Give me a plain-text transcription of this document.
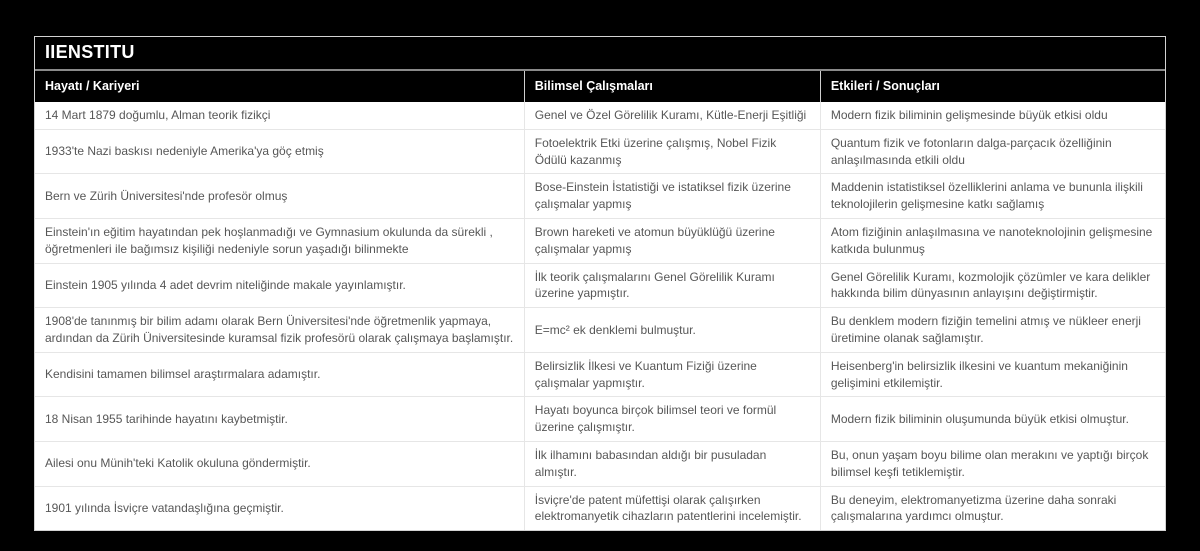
IIENSTITU
Hayatı / Kariyeri	Bilimsel Çalışmaları	Etkileri / Sonuçları
14 Mart 1879 doğumlu, Alman teorik fizikçi	Genel ve Özel Görelilik Kuramı, Kütle-Enerji Eşitliği	Modern fizik biliminin gelişmesinde büyük etkisi oldu
1933'te Nazi baskısı nedeniyle Amerika'ya göç etmiş	Fotoelektrik Etki üzerine çalışmış, Nobel Fizik Ödülü kazanmış	Quantum fizik ve fotonların dalga-parçacık özelliğinin anlaşılmasında etkili oldu
Bern ve Zürih Üniversitesi'nde profesör olmuş	Bose-Einstein İstatistiği ve istatiksel fizik üzerine çalışmalar yapmış	Maddenin istatistiksel özelliklerini anlama ve bununla ilişkili teknolojilerin gelişmesine katkı sağlamış
Einstein'ın eğitim hayatından pek hoşlanmadığı ve Gymnasium okulunda da sürekli , öğretmenleri ile bağımsız kişiliği nedeniyle sorun yaşadığı bilinmekte	Brown hareketi ve atomun büyüklüğü üzerine çalışmalar yapmış	Atom fiziğinin anlaşılmasına ve nanoteknolojinin gelişmesine katkıda bulunmuş
Einstein 1905 yılında 4 adet devrim niteliğinde makale yayınlamıştır.	İlk teorik çalışmalarını Genel Görelilik Kuramı üzerine yapmıştır.	Genel Görelilik Kuramı, kozmolojik çözümler ve kara delikler hakkında bilim dünyasının anlayışını değiştirmiştir.
1908'de tanınmış bir bilim adamı olarak Bern Üniversitesi'nde öğretmenlik yapmaya, ardından da Zürih Üniversitesinde kuramsal fizik profesörü olarak çalışmaya başlamıştır.	E=mc² ek denklemi bulmuştur.	Bu denklem modern fiziğin temelini atmış ve nükleer enerji üretimine olanak sağlamıştır.
Kendisini tamamen bilimsel araştırmalara adamıştır.	Belirsizlik İlkesi ve Kuantum Fiziği üzerine çalışmalar yapmıştır.	Heisenberg'in belirsizlik ilkesini ve kuantum mekaniğinin gelişimini etkilemiştir.
18 Nisan 1955 tarihinde hayatını kaybetmiştir.	Hayatı boyunca birçok bilimsel teori ve formül üzerine çalışmıştır.	Modern fizik biliminin oluşumunda büyük etkisi olmuştur.
Ailesi onu Münih'teki Katolik okuluna göndermiştir.	İlk ilhamını babasından aldığı bir pusuladan almıştır.	Bu, onun yaşam boyu bilime olan merakını ve yaptığı birçok bilimsel keşfi tetiklemiştir.
1901 yılında İsviçre vatandaşlığına geçmiştir.	İsviçre'de patent müfettişi olarak çalışırken elektromanyetik cihazların patentlerini incelemiştir.	Bu deneyim, elektromanyetizma üzerine daha sonraki çalışmalarına yardımcı olmuştur.
